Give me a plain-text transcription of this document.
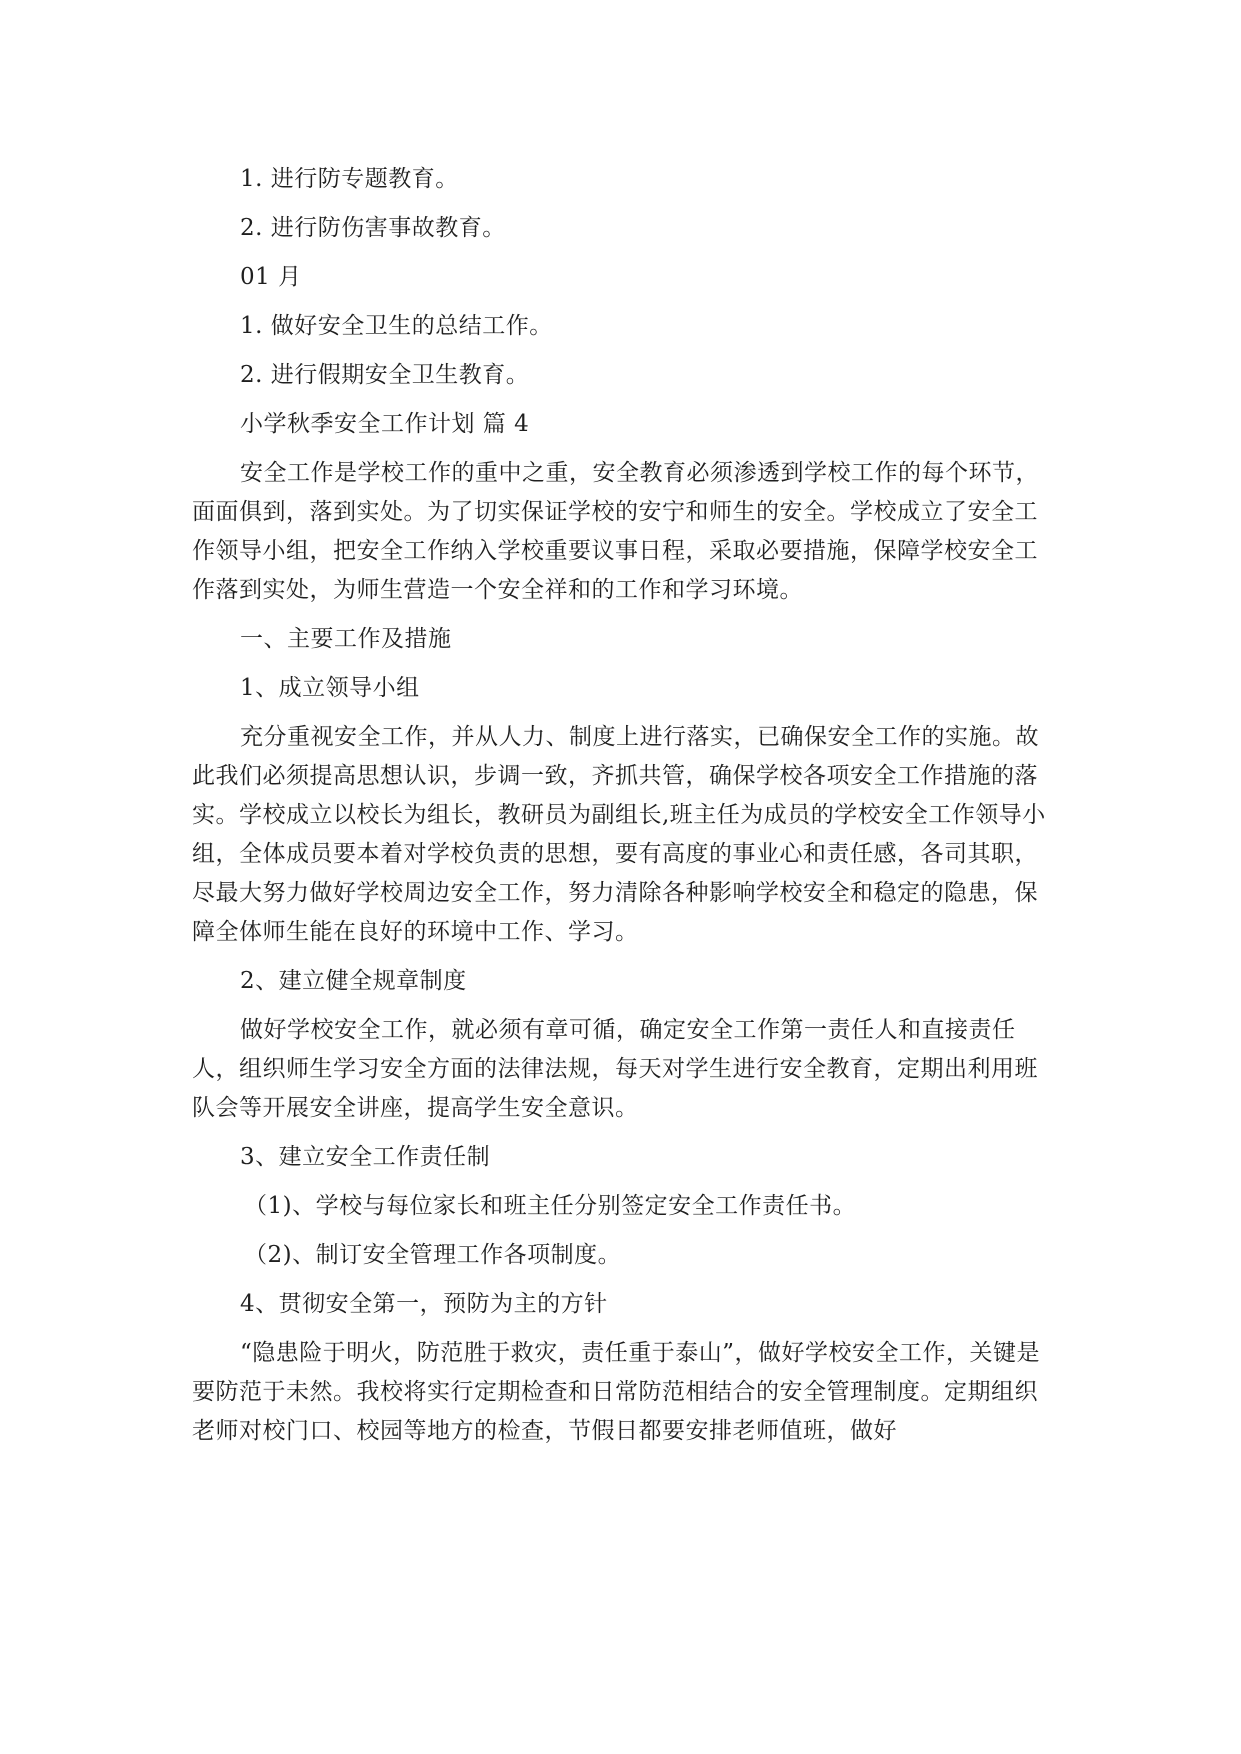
1. 进行防专题教育。

2. 进行防伤害事故教育。

01 月

1. 做好安全卫生的总结工作。

2. 进行假期安全卫生教育。

小学秋季安全工作计划 篇 4

安全工作是学校工作的重中之重，安全教育必须渗透到学校工作的每个环节，面面俱到，落到实处。为了切实保证学校的安宁和师生的安全。学校成立了安全工作领导小组，把安全工作纳入学校重要议事日程，采取必要措施，保障学校安全工作落到实处，为师生营造一个安全祥和的工作和学习环境。

一、主要工作及措施

1、成立领导小组

充分重视安全工作，并从人力、制度上进行落实，已确保安全工作的实施。故此我们必须提高思想认识，步调一致，齐抓共管，确保学校各项安全工作措施的落实。学校成立以校长为组长，教研员为副组长,班主任为成员的学校安全工作领导小组，全体成员要本着对学校负责的思想，要有高度的事业心和责任感，各司其职，尽最大努力做好学校周边安全工作，努力清除各种影响学校安全和稳定的隐患，保障全体师生能在良好的环境中工作、学习。

2、建立健全规章制度

做好学校安全工作，就必须有章可循，确定安全工作第一责任人和直接责任人，组织师生学习安全方面的法律法规，每天对学生进行安全教育，定期出利用班队会等开展安全讲座，提高学生安全意识。

3、建立安全工作责任制

（1)、学校与每位家长和班主任分别签定安全工作责任书。

（2)、制订安全管理工作各项制度。

4、贯彻安全第一，预防为主的方针

“隐患险于明火，防范胜于救灾，责任重于泰山”，做好学校安全工作，关键是要防范于未然。我校将实行定期检查和日常防范相结合的安全管理制度。定期组织老师对校门口、校园等地方的检查，节假日都要安排老师值班，做好
